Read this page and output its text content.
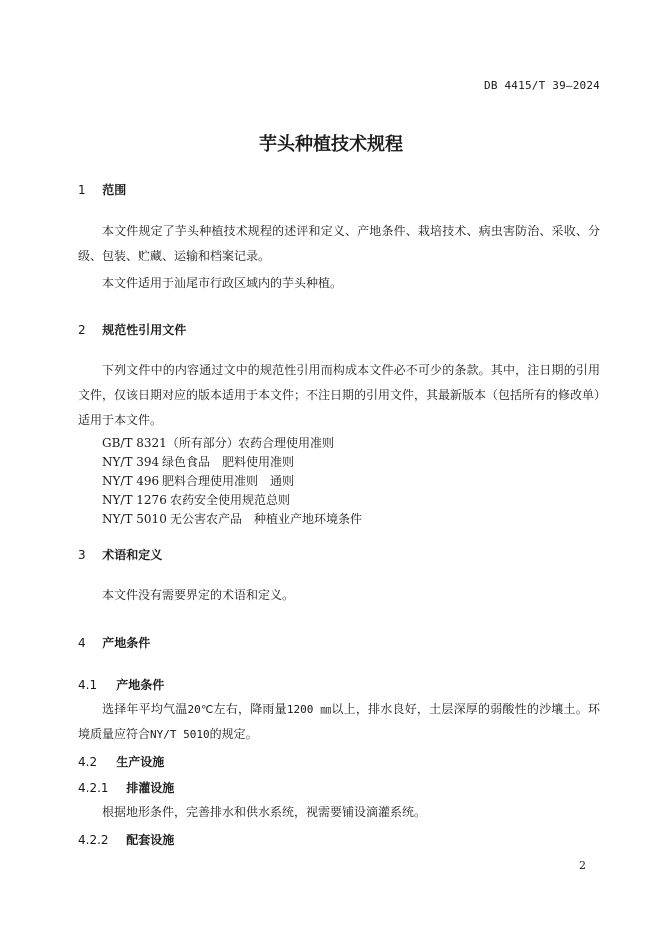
DB 4415/T 39—2024
芋头种植技术规程
1 范围
本文件规定了芋头种植技术规程的述评和定义、产地条件、栽培技术、病虫害防治、采收、分级、包装、贮藏、运输和档案记录。
本文件适用于汕尾市行政区域内的芋头种植。
2 规范性引用文件
下列文件中的内容通过文中的规范性引用而构成本文件必不可少的条款。其中，注日期的引用文件，仅该日期对应的版本适用于本文件；不注日期的引用文件，其最新版本（包括所有的修改单）适用于本文件。
GB/T 8321（所有部分）农药合理使用准则
NY/T 394 绿色食品　肥料使用准则
NY/T 496 肥料合理使用准则　通则
NY/T 1276 农药安全使用规范总则
NY/T 5010 无公害农产品　种植业产地环境条件
3 术语和定义
本文件没有需要界定的术语和定义。
4 产地条件
4.1 产地条件
选择年平均气温20℃左右，降雨量1200 ㎜以上，排水良好，土层深厚的弱酸性的沙壤土。环境质量应符合NY/T 5010的规定。
4.2 生产设施
4.2.1 排灌设施
根据地形条件，完善排水和供水系统，视需要铺设滴灌系统。
4.2.2 配套设施
2
